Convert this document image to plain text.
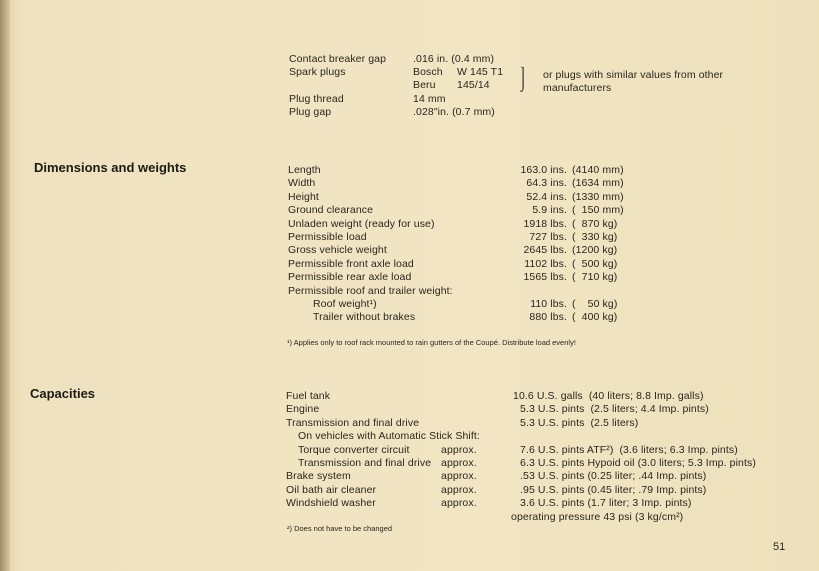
Contact breaker gap	.016 in. (0.4 mm)
Spark plugs	Bosch W 145 T1
Beru 145/14
⌉
⌡
or plugs with similar values from other
manufacturers
Plug thread	14 mm
Plug gap	.028"in. (0.7 mm)
Dimensions and weights	Length	163.0 ins. (4140 mm)
Width	64.3 ins. (1634 mm)
Height	52.4 ins. (1330 mm)
Ground clearance	5.9 ins. (  150 mm)
Unladen weight (ready for use)	1918 lbs. (  870 kg)
Permissible load	727 lbs. (  330 kg)
Gross vehicle weight	2645 lbs. (1200 kg)
Permissible front axle load	1102 lbs. (  500 kg)
Permissible rear axle load	1565 lbs. (  710 kg)
Permissible roof and trailer weight:
Roof weight¹)	110 lbs. (    50 kg)
Trailer without brakes	880 lbs. (  400 kg)
¹) Applies only to roof rack mounted to rain gutters of the Coupé. Distribute load evenly!
Capacities	Fuel tank	10.6 U.S. galls  (40 liters; 8.8 Imp. galls)
Engine	5.3 U.S. pints  (2.5 liters; 4.4 Imp. pints)
Transmission and final drive	5.3 U.S. pints  (2.5 liters)
On vehicles with Automatic Stick Shift:
Torque converter circuit	approx.	7.6 U.S. pints ATF²)  (3.6 liters; 6.3 Imp. pints)
Transmission and final drive approx.	6.3 U.S. pints Hypoid oil (3.0 liters; 5.3 Imp. pints)
Brake system	approx.	.53 U.S. pints (0.25 liter; .44 Imp. pints)
Oil bath air cleaner	approx.	.95 U.S. pints (0.45 liter; .79 Imp. pints)
Windshield washer	approx.	3.6 U.S. pints (1.7 liter; 3 Imp. pints)
operating pressure 43 psi (3 kg/cm²)
²) Does not have to be changed
51
